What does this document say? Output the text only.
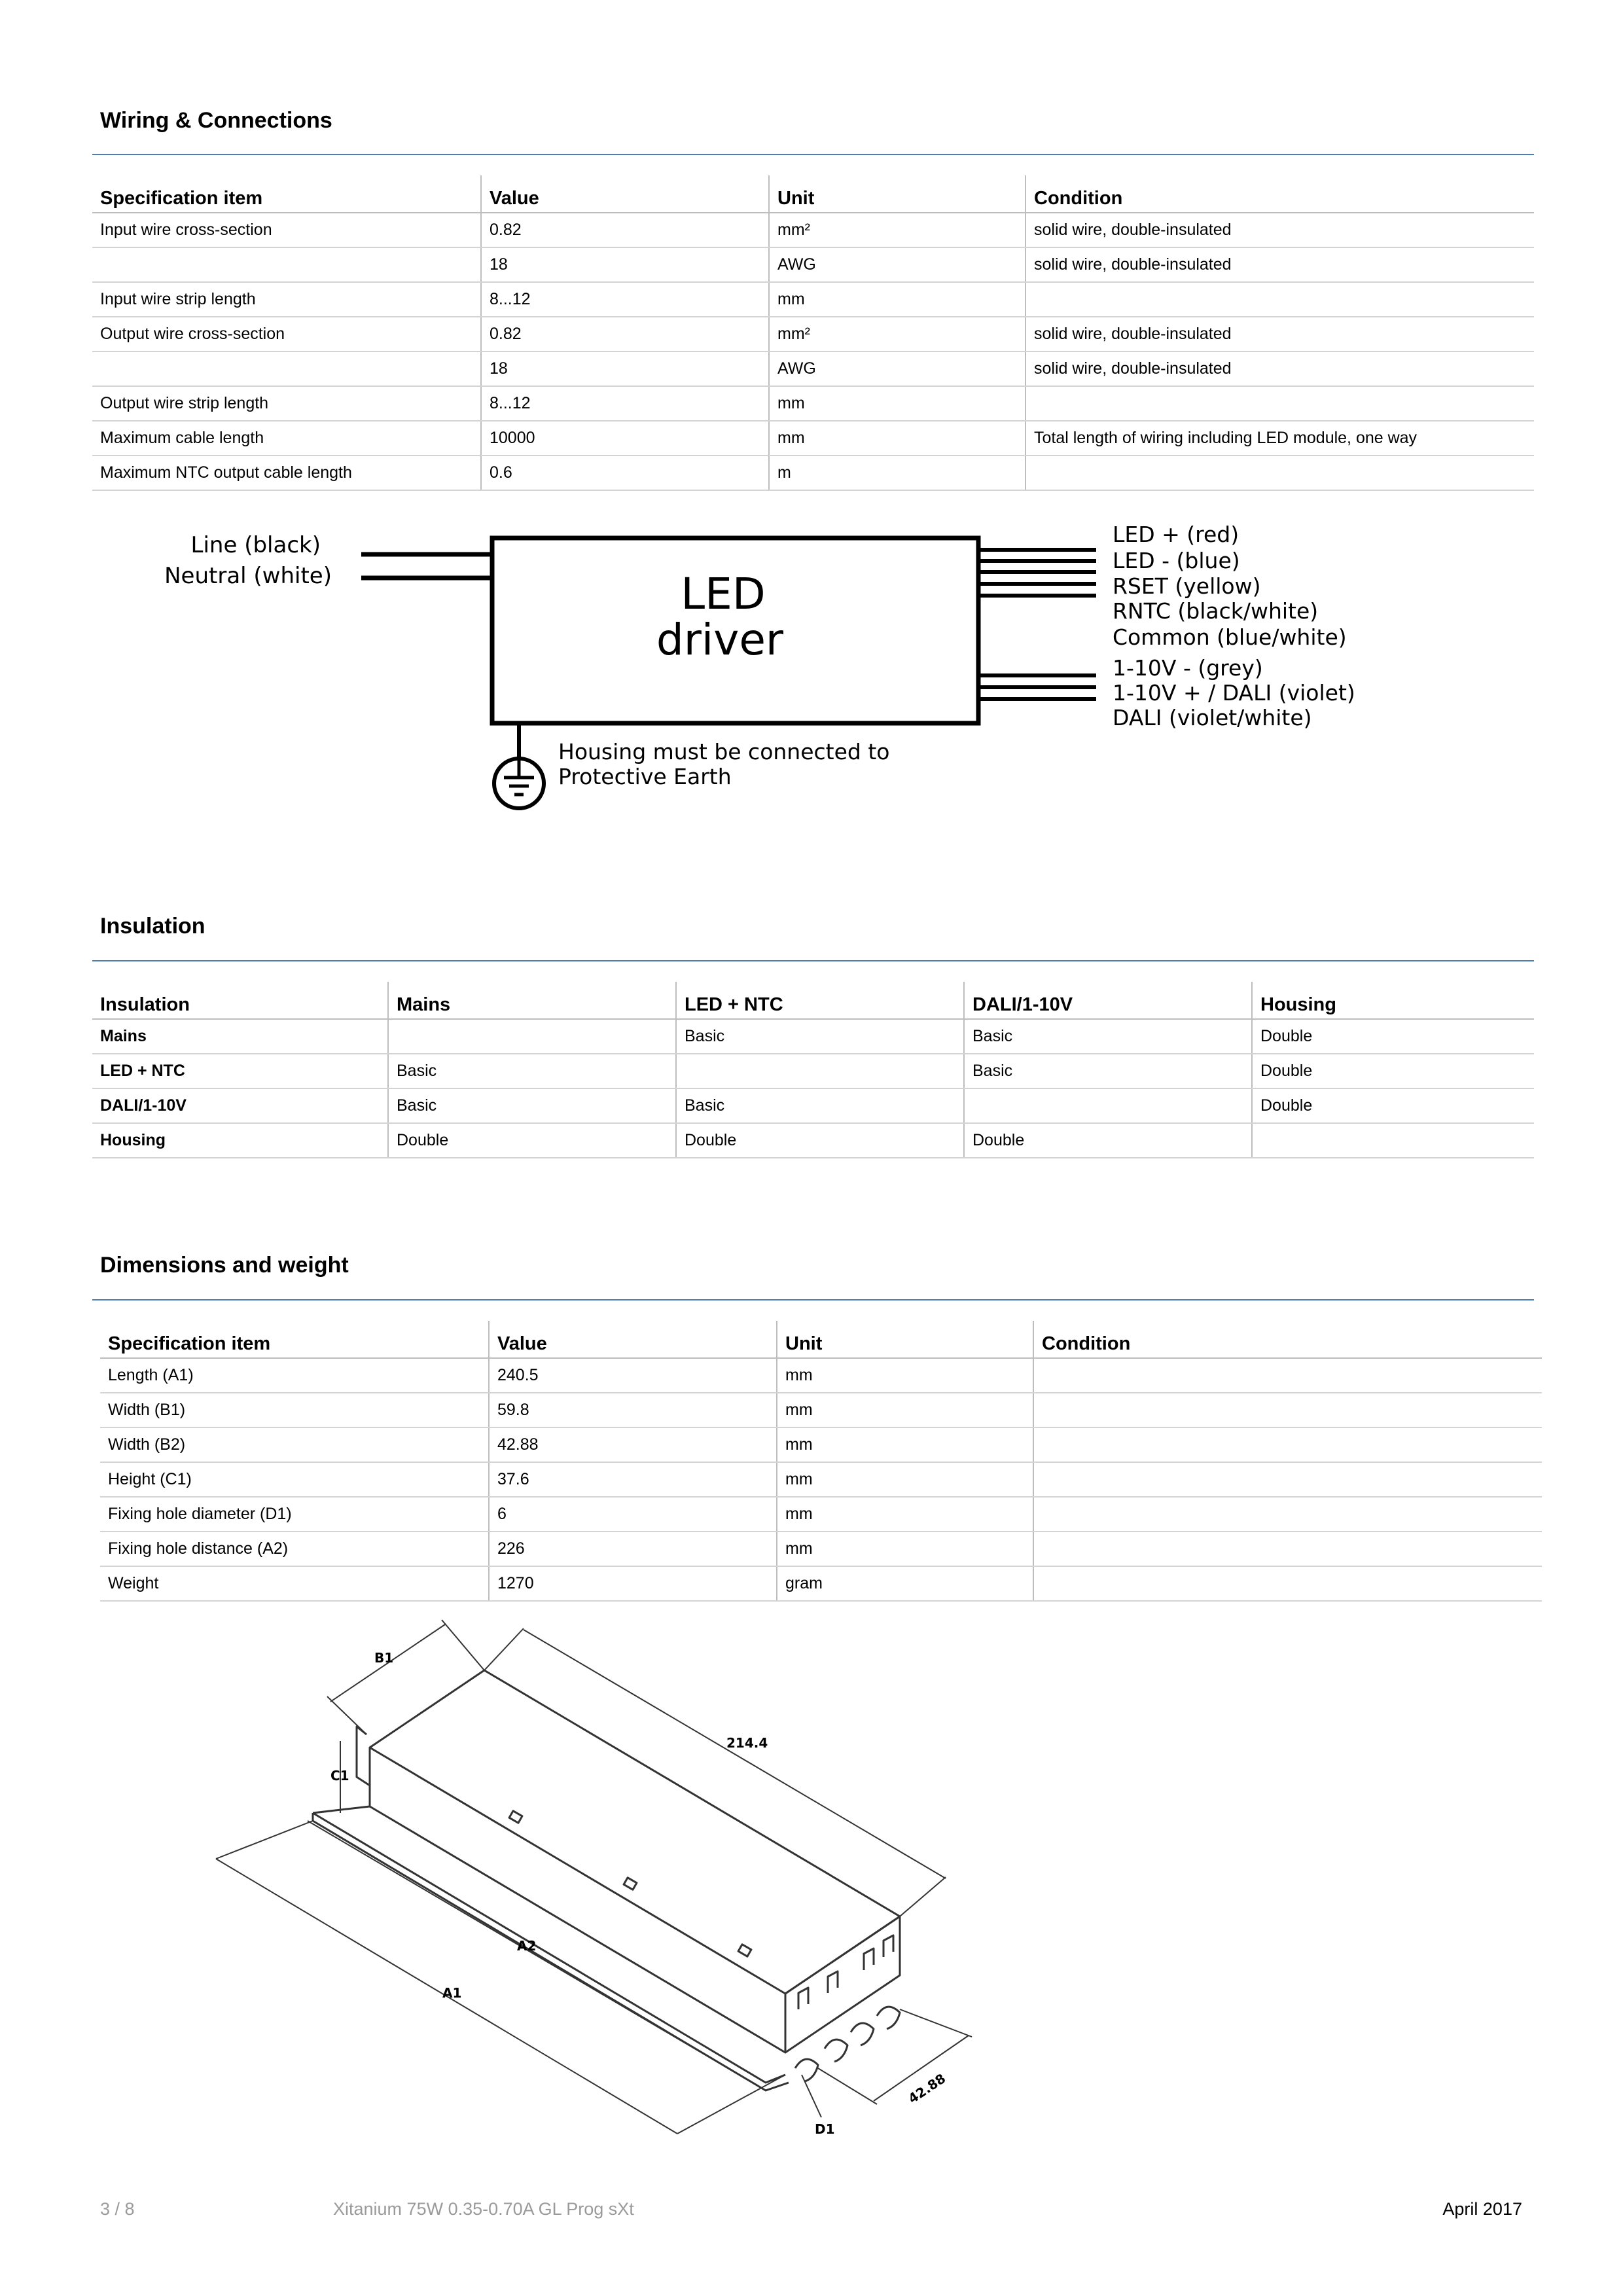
Wiring & Connections
Specification item	Value	Unit	Condition
Input wire cross-section	0.82	mm²	solid wire, double-insulated
	18	AWG	solid wire, double-insulated
Input wire strip length	8...12	mm	
Output wire cross-section	0.82	mm²	solid wire, double-insulated
	18	AWG	solid wire, double-insulated
Output wire strip length	8...12	mm	
Maximum cable length	10000	mm	Total length of wiring including LED module, one way
Maximum NTC output cable length	0.6	m	
Line (black)
Neutral (white)	LED
driver
LED + (red)
LED - (blue)
RSET (yellow)
RNTC (black/white)
Common (blue/white)
1-10V - (grey)
1-10V + / DALI (violet)
DALI (violet/white)
Housing must be connected to
Protective Earth
Insulation
Insulation	Mains	LED + NTC	DALI/1-10V	Housing
Mains		Basic	Basic	Double
LED + NTC	Basic		Basic	Double
DALI/1-10V	Basic	Basic		Double
Housing	Double	Double	Double	
Dimensions and weight
Specification item	Value	Unit	Condition
Length (A1)	240.5	mm	
Width (B1)	59.8	mm	
Width (B2)	42.88	mm	
Height (C1)	37.6	mm	
Fixing hole diameter (D1)	6	mm	
Fixing hole distance (A2)	226	mm	
Weight	1270	gram	
B1
214.4
C1
A2
A1
D1
42.88
3 / 8	Xitanium 75W 0.35-0.70A GL Prog sXt	April 2017
